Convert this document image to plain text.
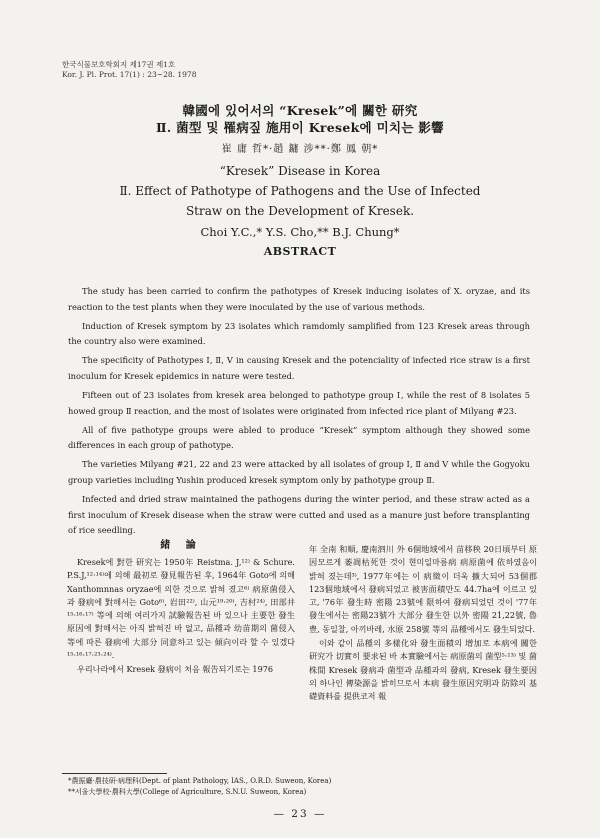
한국식물보호학회지 제17권 제1호
Kor. J. Pl. Prot. 17(1) : 23~28. 1978
韓國에 있어서의 “Kresek”에 關한 研究
Ⅱ. 菌型 및 罹病짚 施用이 Kresek에 미치는 影響
崔 庸 哲*·趙 鏞 涉**·鄭 鳳 朝*
“Kresek” Disease in Korea
Ⅱ. Effect of Pathotype of Pathogens and the Use of Infected
Straw on the Development of Kresek.
Choi Y.C.,* Y.S. Cho,** B.J. Chung*
ABSTRACT

The study has been carried to confirm the pathotypes of Kresek inducing isolates of X. oryzae, and its reaction to the test plants when they were inoculated by the use of various methods.

Induction of Kresek symptom by 23 isolates which ramdomly samplified from 123 Kresek areas through the country also were examined.

The specificity of Pathotypes Ⅰ, Ⅱ, Ⅴ in causing Kresek and the potenciality of infected rice straw is a first inoculum for Kresek epidemics in nature were tested.

Fifteen out of 23 isolates from kresek area belonged to pathotype group Ⅰ, while the rest of 8 isolates 5 howed group Ⅱ reaction, and the most of isolates were originated from infected rice plant of Milyang #23.

All of five pathotype groups were abled to produce “Kresek” symptom although they showed some differences in each group of pathotype.

The varieties Milyang #21, 22 and 23 were attacked by all isolates of group Ⅰ, Ⅱ and Ⅴ while the Gogyoku group varieties including Yushin produced kresek symptom only by pathotype group Ⅱ.

Infected and dried straw maintained the pathogens during the winter period, and these straw acted as a first inoculum of Kresek disease when the straw were cutted and used as a manure just before transplanting of rice seedling.

緒 論

Kresek에 對한 研究는 1950年 Reistma. J,¹²⁾ & Schure. P.S.J,¹²·¹⁴⁾에 의해 最初로 發見報告된 후, 1964年 Goto에 의해 Xanthomnnas oryzae에 의한 것으로 밝혀 졌고⁶⁾ 病原菌侵入과 發病에 對해서는 Goto⁶⁾, 岩田²²⁾, 山元¹⁹·²⁰⁾, 吉村²⁴⁾, 田部井¹⁵·¹⁶·¹⁷⁾ 等에 의해 여러가지 試驗報告된 바 있으나 主要한 發生原因에 對해서는 아직 밝혀진 바 없고, 品種과 幼苗期의 菌侵入等에 따른 發病에 大部分 同意하고 있는 傾向이라 할 수 있겠다¹⁵·¹⁶·¹⁷·²³·²⁴⁾.

우리나라에서 Kresek 發病이 처음 報告되기로는 1976

年 全南 和順, 慶南泗川 外 6個地域에서 苗移秧 20日頃부터 原因모르게 萎凋枯死한 것이 현미일마름病 病原菌에 依하였음이 밝혀 졌는데³⁾, 1977年에는 이 病徵이 더욱 擴大되어 53個郡 123個地域에서 發病되었고 被害面積만도 44.7ha에 이르고 있고, '76年 發生時 密陽 23號에 限하여 發病되었던 것이 '77年 發生에서는 密陽23號가 大部分 發生한 以外 密陽 21,22號, 魯豊, 동일찰, 아끼바레, 水原 258號 等의 品種에서도 發生되었다.

이와 같이 品種의 多樣化와 發生面積의 增加로 本病에 關한 研究가 切實히 要求된 바 本實驗에서는 病原菌의 菌型⁵·¹³⁾ 및 菌株間 Kresek 發病과 菌型과 品種과의 發病, Kresek 發生要因의 하나인 傳染源을 밝히므로서 本病 發生原因究明과 防除의 基礎資料를 提供코저 報

*農振廳·農技研·病理科(Dept. of plant Pathology, IAS., O.R.D. Suweon, Korea)
**서울大學校·農科大學(College of Agriculture, S.N.U. Suweon, Korea)
— 23 —
